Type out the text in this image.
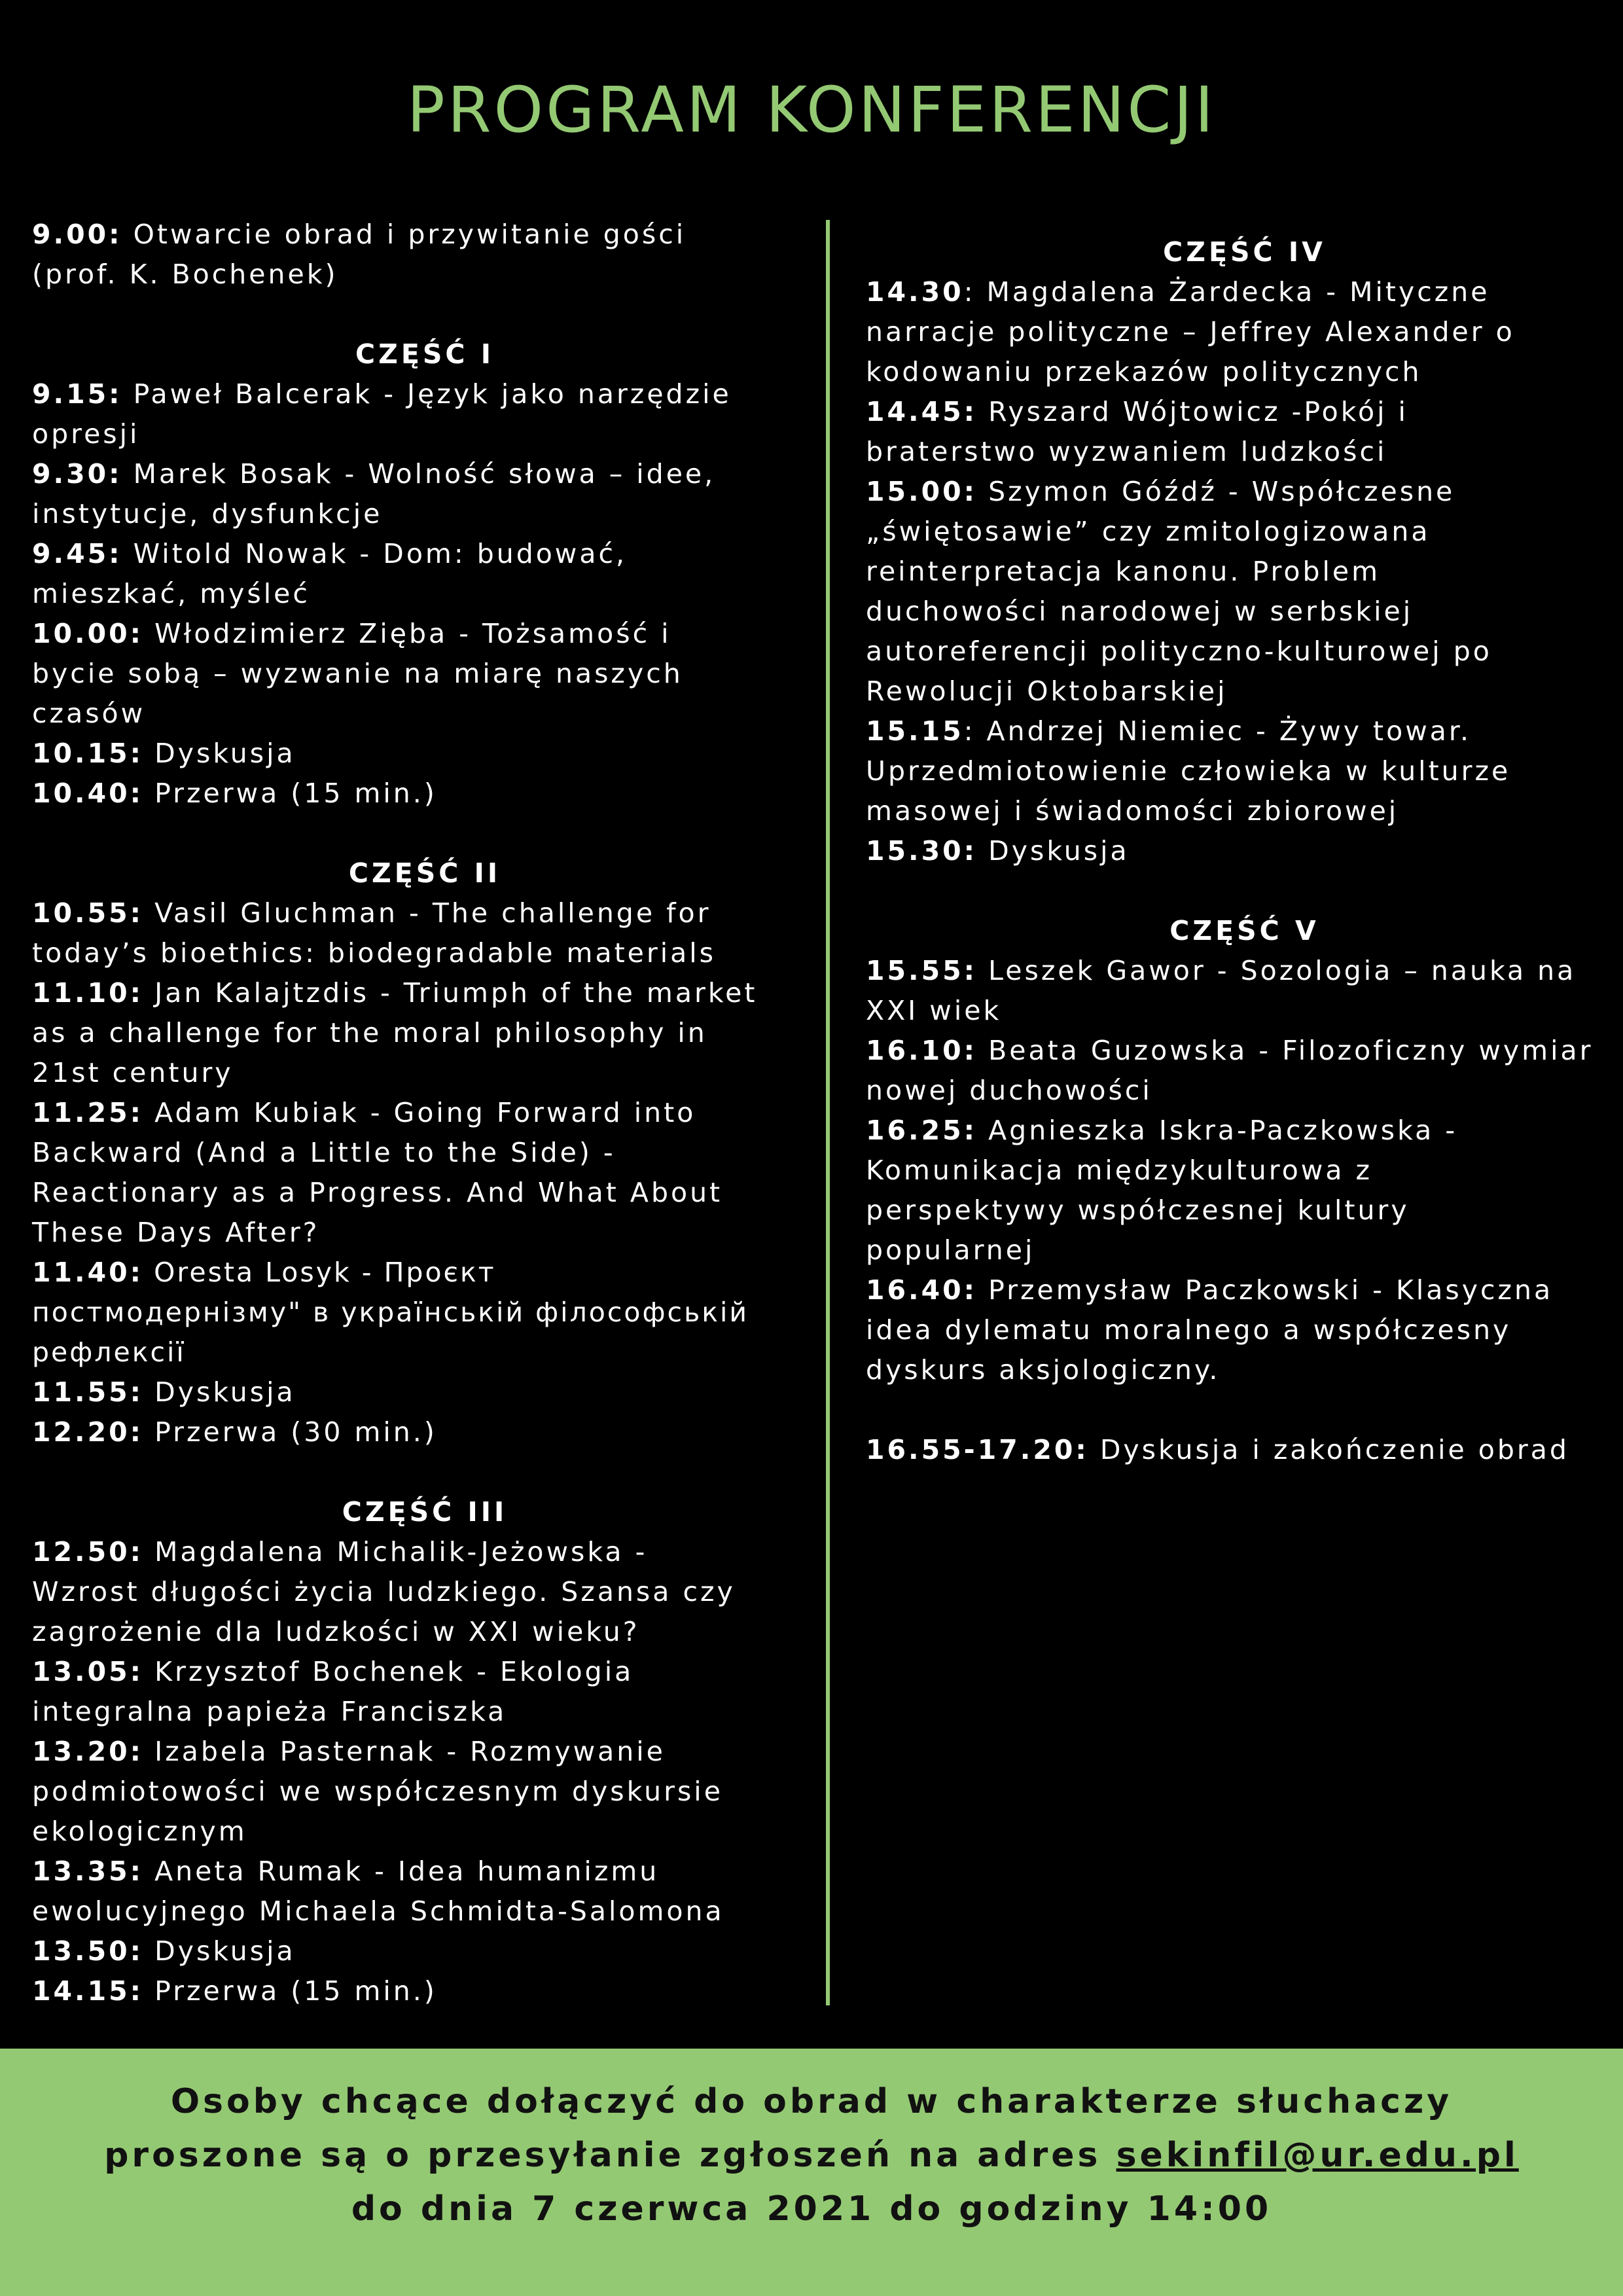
PROGRAM KONFERENCJI

9.00: Otwarcie obrad i przywitanie gości

(prof. K. Bochenek)

CZĘŚĆ I

9.15: Paweł Balcerak - Język jako narzędzie

opresji

9.30: Marek Bosak - Wolność słowa – idee,

instytucje, dysfunkcje

9.45: Witold Nowak - Dom: budować,

mieszkać, myśleć

10.00: Włodzimierz Zięba - Tożsamość i

bycie sobą – wyzwanie na miarę naszych

czasów

10.15: Dyskusja

10.40: Przerwa (15 min.)

CZĘŚĆ II

10.55: Vasil Gluchman - The challenge for

today’s bioethics: biodegradable materials

11.10: Jan Kalajtzdis - Triumph of the market

as a challenge for the moral philosophy in

21st century

11.25: Adam Kubiak - Going Forward into

Backward (And a Little to the Side) -

Reactionary as a Progress. And What About

These Days After?

11.40: Oresta Losyk - Проєкт

постмодернізму" в українській філософській

рефлексії

11.55: Dyskusja

12.20: Przerwa (30 min.)

CZĘŚĆ III

12.50: Magdalena Michalik-Jeżowska -

Wzrost długości życia ludzkiego. Szansa czy

zagrożenie dla ludzkości w XXI wieku?

13.05: Krzysztof Bochenek - Ekologia

integralna papieża Franciszka

13.20: Izabela Pasternak - Rozmywanie

podmiotowości we współczesnym dyskursie

ekologicznym

13.35: Aneta Rumak - Idea humanizmu

ewolucyjnego Michaela Schmidta-Salomona

13.50: Dyskusja

14.15: Przerwa (15 min.)

CZĘŚĆ IV

14.30: Magdalena Żardecka - Mityczne

narracje polityczne – Jeffrey Alexander o

kodowaniu przekazów politycznych

14.45: Ryszard Wójtowicz -Pokój i

braterstwo wyzwaniem ludzkości

15.00: Szymon Góźdź - Współczesne

„świętosawie” czy zmitologizowana

reinterpretacja kanonu. Problem

duchowości narodowej w serbskiej

autoreferencji polityczno-kulturowej po

Rewolucji Oktobarskiej

15.15: Andrzej Niemiec - Żywy towar.

Uprzedmiotowienie człowieka w kulturze

masowej i świadomości zbiorowej

15.30: Dyskusja

CZĘŚĆ V

15.55: Leszek Gawor - Sozologia – nauka na

XXI wiek

16.10: Beata Guzowska - Filozoficzny wymiar

nowej duchowości

16.25: Agnieszka Iskra-Paczkowska -

Komunikacja międzykulturowa z

perspektywy współczesnej kultury

popularnej

16.40: Przemysław Paczkowski - Klasyczna

idea dylematu moralnego a współczesny

dyskurs aksjologiczny.

16.55-17.20: Dyskusja i zakończenie obrad

Osoby chcące dołączyć do obrad w charakterze słuchaczy
proszone są o przesyłanie zgłoszeń na adres sekinfil@ur.edu.pl
do dnia 7 czerwca 2021 do godziny 14:00
